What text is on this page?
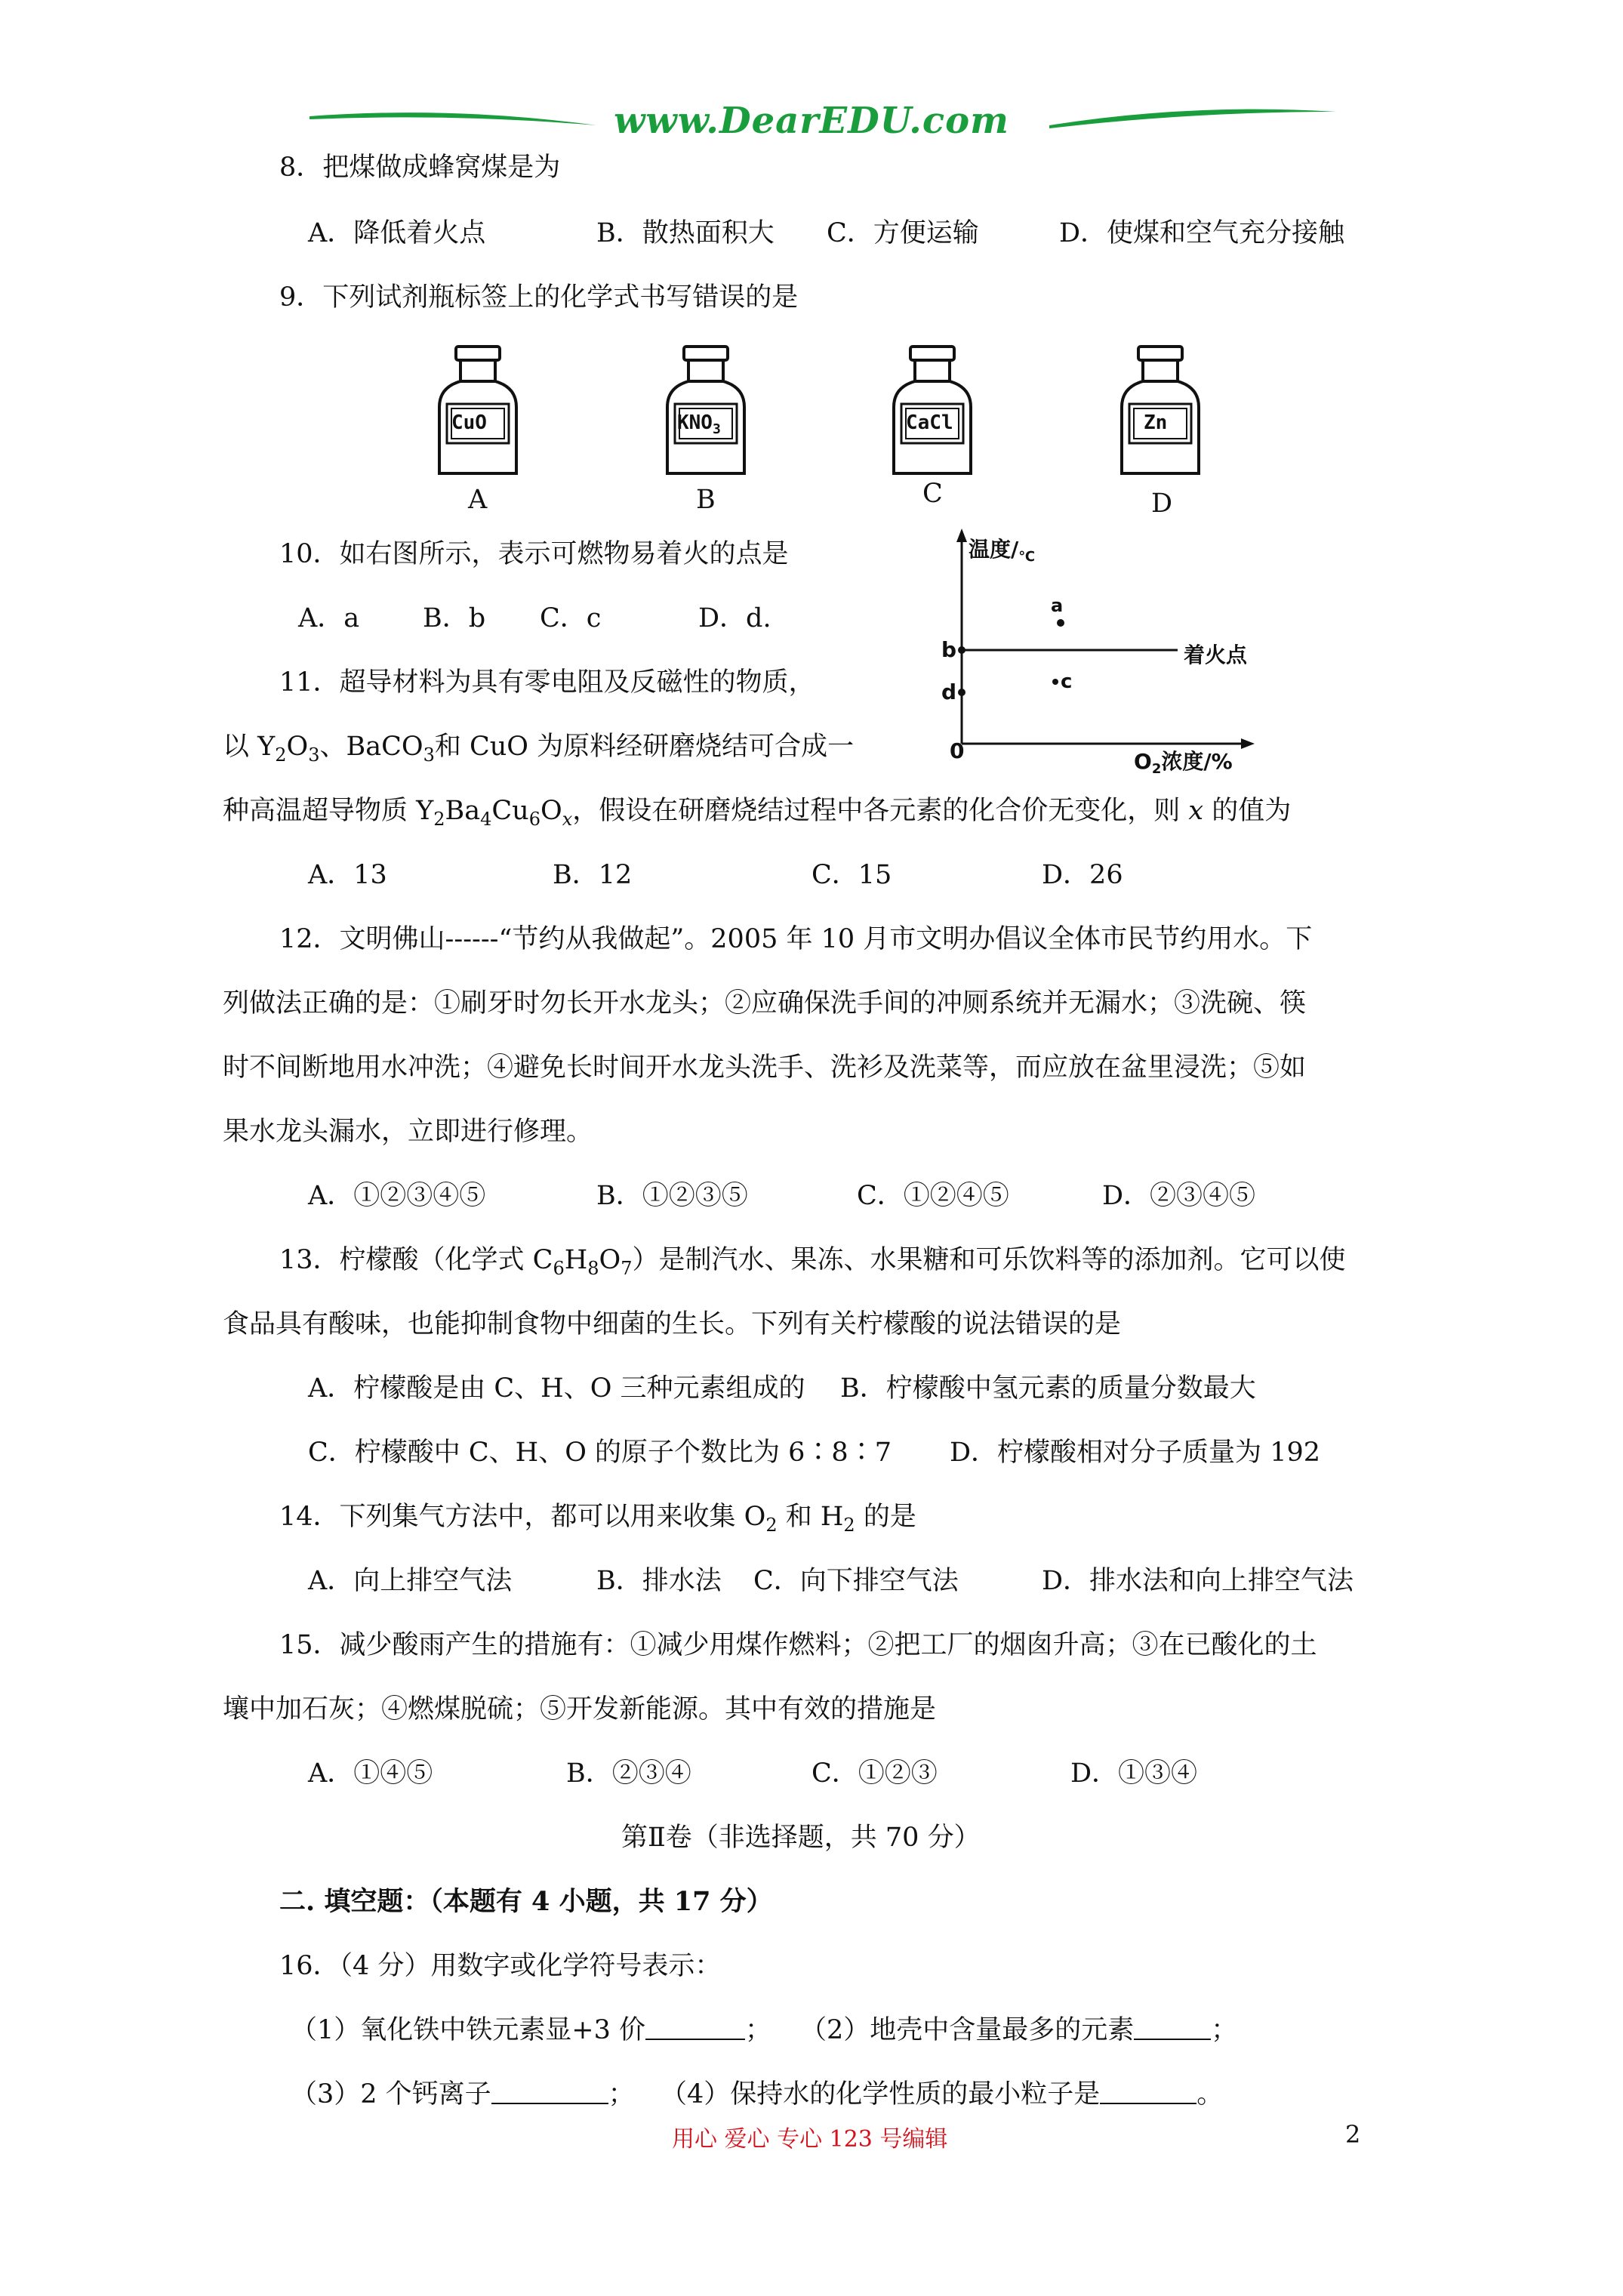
www.DearEDU.com
8．把煤做成蜂窝煤是为
A．降低着火点	B．散热面积大 C．方便运输	D．使煤和空气充分接触
9．下列试剂瓶标签上的化学式书写错误的是
CuO
A
$KNO_3$
B
CaCl
C
Zn
D
10．如右图所示，表示可燃物易着火的点是
A．a B．b C．c	D．d.
温度$/_℃$
a
b
c
d
着火点
0	$O_2$浓度/%
11．超导材料为具有零电阻及反磁性的物质，
以 $Y_2O_3$、BaCO$_3$和 CuO 为原料经研磨烧结可合成一
种高温超导物质 $Y_2Ba_4Cu_6O_x$，假设在研磨烧结过程中各元素的化合价无变化，则 x 的值为
A．13	B．12	C．15	D．26
12．文明佛山------“节约从我做起”。2005 年 10 月市文明办倡议全体市民节约用水。下
列做法正确的是：①刷牙时勿长开水龙头；②应确保洗手间的冲厕系统并无漏水；③洗碗、筷
时不间断地用水冲洗；④避免长时间开水龙头洗手、洗衫及洗菜等，而应放在盆里浸洗；⑤如
果水龙头漏水，立即进行修理。
A．①②③④⑤	B．①②③⑤	C．①②④⑤	D．②③④⑤
13．柠檬酸（化学式 $C_6H_8O_7$）是制汽水、果冻、水果糖和可乐饮料等的添加剂。它可以使
食品具有酸味，也能抑制食物中细菌的生长。下列有关柠檬酸的说法错误的是
A．柠檬酸是由 C、H、O 三种元素组成的 B．柠檬酸中氢元素的质量分数最大
C．柠檬酸中 C、H、O 的原子个数比为 6∶8∶7 D．柠檬酸相对分子质量为 192
14．下列集气方法中，都可以用来收集 $O_2$ 和 $H_2$ 的是
A．向上排空气法	B．排水法 C．向下排空气法	D．排水法和向上排空气法
15．减少酸雨产生的措施有：①减少用煤作燃料；②把工厂的烟囱升高；③在已酸化的土
壤中加石灰；④燃煤脱硫；⑤开发新能源。其中有效的措施是
A．①④⑤	B．②③④	C．①②③	D．①③④
第Ⅱ卷（非选择题，共 70 分）
二. 填空题：（本题有 4 小题，共 17 分）
16．（4 分）用数字或化学符号表示：
（1）氧化铁中铁元素显+3 价	； （2）地壳中含量最多的元素	；
（3）2 个钙离子	； （4）保持水的化学性质的最小粒子是	。
用心 爱心 专心 123 号编辑	2
